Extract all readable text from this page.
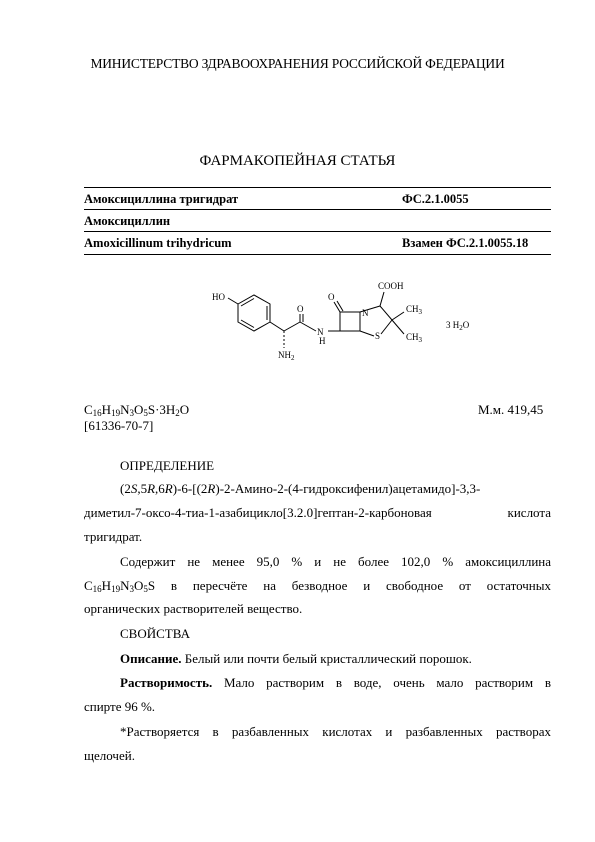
МИНИСТЕРСТВО ЗДРАВООХРАНЕНИЯ РОССИЙСКОЙ ФЕДЕРАЦИИ
ФАРМАКОПЕЙНАЯ СТАТЬЯ
Амоксициллина тригидрат	ФС.2.1.0055
Амоксициллин
Amoxicillinum trihydricum	Взамен ФС.2.1.0055.18
HO
O
N
H
O
N
S
COOH
$CH_3$
$CH_3$
$NH_2$
3 $H_2O$
$C_{16}H_{19}N_3O_5S\cdot 3H_2O$	М.м. 419,45
[61336-70-7]
ОПРЕДЕЛЕНИЕ
(2S,5R,6R)-6-[(2R)-2-Амино-2-(4-гидроксифенил)ацетамидо]-3,3-
диметил-7-оксо-4-тиа-1-азабицикло[3.2.0]гептан-2-карбоновая кислота
тригидрат.
Содержит не менее 95,0 % и не более 102,0 % амоксициллина
$C_{16}H_{19}N_3O_5S$ в пересчёте на безводное и свободное от остаточных
органических растворителей вещество.
СВОЙСТВА
Описание. Белый или почти белый кристаллический порошок.
Растворимость. Мало растворим в воде, очень мало растворим в
спирте 96 %.
*Растворяется в разбавленных кислотах и разбавленных растворах
щелочей.
